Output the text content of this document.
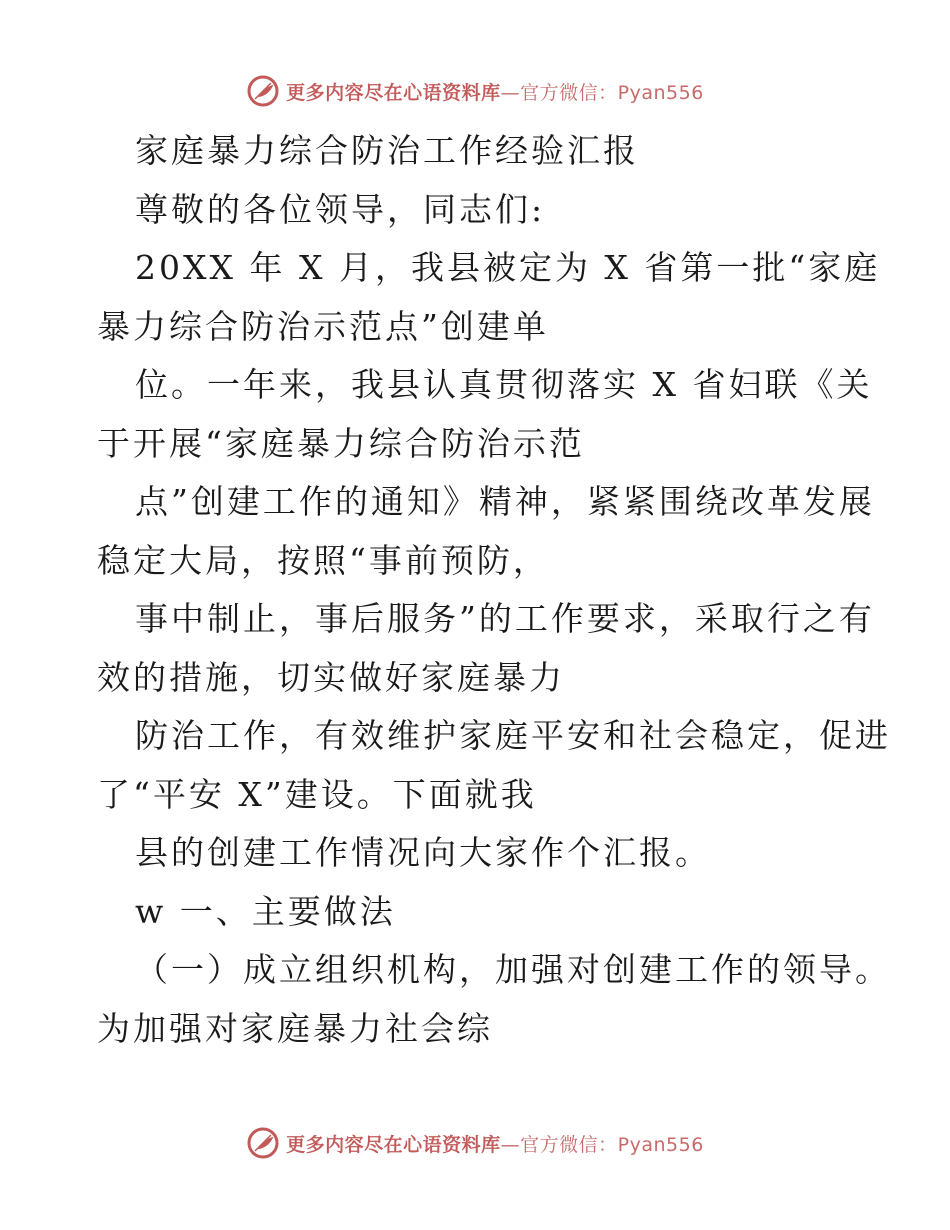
更多内容尽在心语资料库—官方微信：Pyan556
家庭暴力综合防治工作经验汇报
尊敬的各位领导，同志们:
20XX 年 X 月，我县被定为 X 省第一批“家庭
暴力综合防治示范点”创建单
位。一年来，我县认真贯彻落实 X 省妇联《关
于开展“家庭暴力综合防治示范
点”创建工作的通知》精神，紧紧围绕改革发展
稳定大局，按照“事前预防，
事中制止，事后服务”的工作要求，采取行之有
效的措施，切实做好家庭暴力
防治工作，有效维护家庭平安和社会稳定，促进
了“平安 X”建设。下面就我
县的创建工作情况向大家作个汇报。
w 一、主要做法
（一）成立组织机构，加强对创建工作的领导。
为加强对家庭暴力社会综
更多内容尽在心语资料库—官方微信：Pyan556
